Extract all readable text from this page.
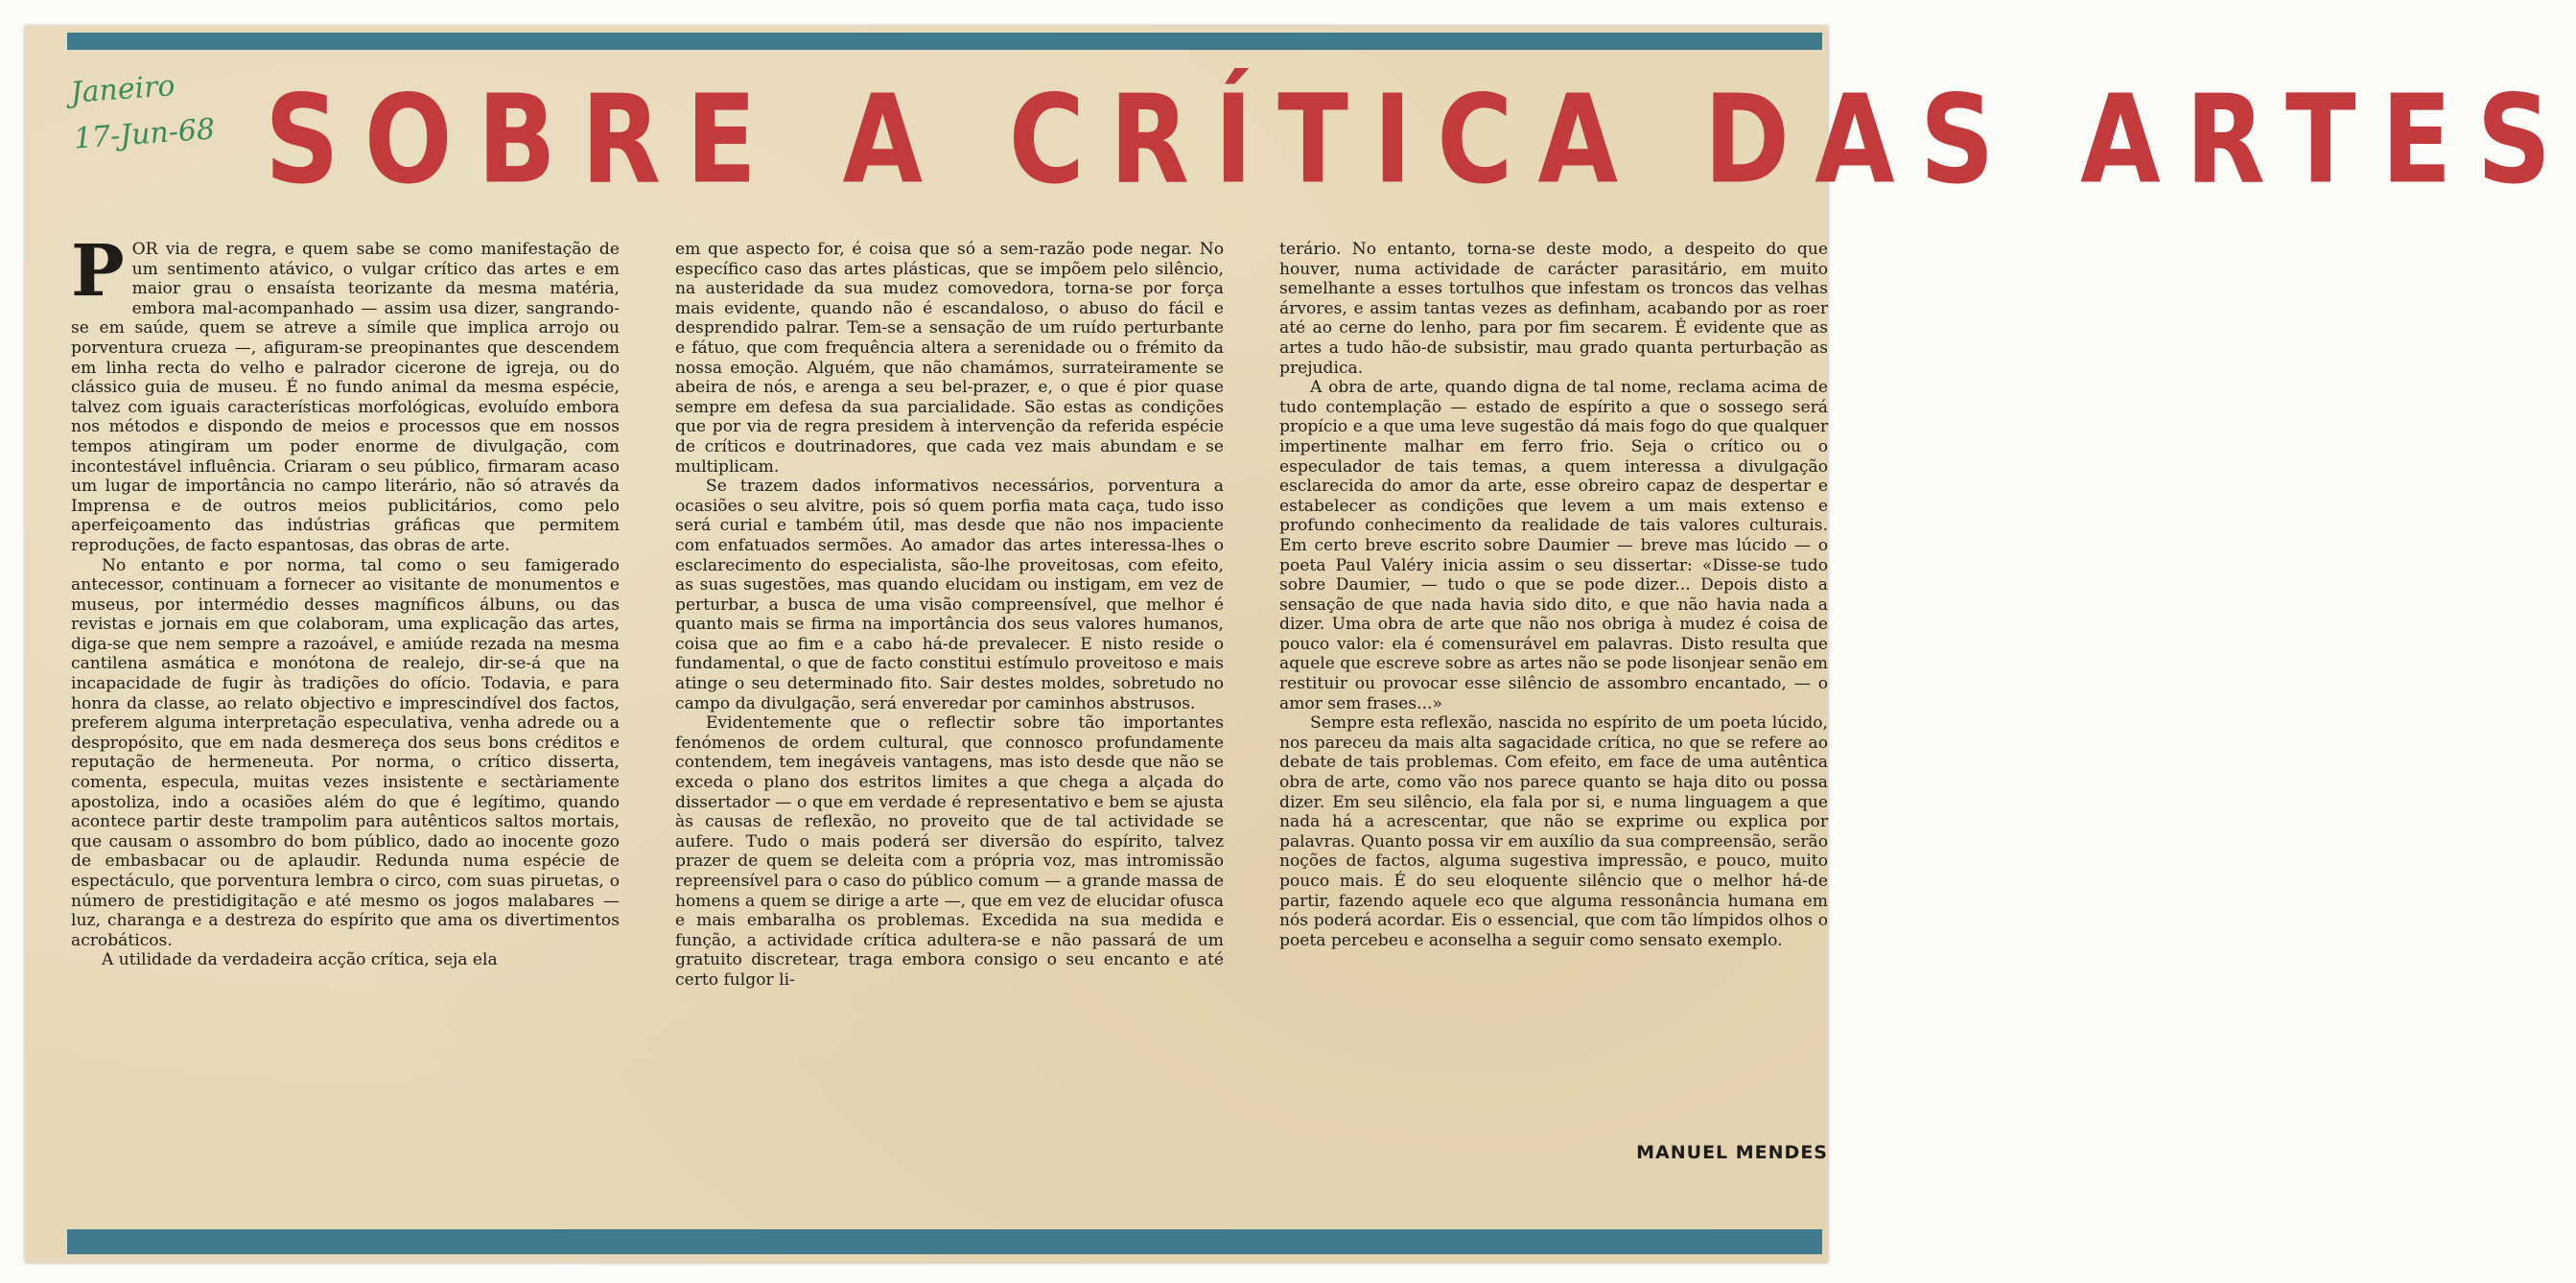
Janeiro
17-Jun-68 SOBRE A CRÍTICA DAS ARTES

POR via de regra, e quem sabe se como manifestação de um sentimento atávico, o vulgar crítico das artes e em maior grau o ensaísta teorizante da mesma matéria, embora mal-acompanhado — assim usa dizer, sangrando-se em saúde, quem se atreve a símile que implica arrojo ou porventura crueza —, afiguram-se preopinantes que descendem em linha recta do velho e palrador cicerone de igreja, ou do clássico guia de museu. É no fundo animal da mesma espécie, talvez com iguais características morfológicas, evoluído embora nos métodos e dispondo de meios e processos que em nossos tempos atingiram um poder enorme de divulgação, com incontestável influência. Criaram o seu público, firmaram acaso um lugar de importância no campo literário, não só através da Imprensa e de outros meios publicitários, como pelo aperfeiçoamento das indústrias gráficas que permitem reproduções, de facto espantosas, das obras de arte.

No entanto e por norma, tal como o seu famigerado antecessor, continuam a fornecer ao visitante de monumentos e museus, por intermédio desses magníficos álbuns, ou das revistas e jornais em que colaboram, uma explicação das artes, diga-se que nem sempre a razoável, e amiúde rezada na mesma cantilena asmática e monótona de realejo, dir-se-á que na incapacidade de fugir às tradições do ofício. Todavia, e para honra da classe, ao relato objectivo e imprescindível dos factos, preferem alguma interpretação especulativa, venha adrede ou a despropósito, que em nada desmereça dos seus bons créditos e reputação de hermeneuta. Por norma, o crítico disserta, comenta, especula, muitas vezes insistente e sectàriamente apostoliza, indo a ocasiões além do que é legítimo, quando acontece partir deste trampolim para autênticos saltos mortais, que causam o assombro do bom público, dado ao inocente gozo de embasbacar ou de aplaudir. Redunda numa espécie de espectáculo, que porventura lembra o circo, com suas piruetas, o número de prestidigitação e até mesmo os jogos malabares — luz, charanga e a destreza do espírito que ama os divertimentos acrobáticos.

A utilidade da verdadeira acção crítica, seja ela

em que aspecto for, é coisa que só a sem-razão pode negar. No específico caso das artes plásticas, que se impõem pelo silêncio, na austeridade da sua mudez comovedora, torna-se por força mais evidente, quando não é escandaloso, o abuso do fácil e desprendido palrar. Tem-se a sensação de um ruído perturbante e fátuo, que com frequência altera a serenidade ou o frémito da nossa emoção. Alguém, que não chamámos, surrateiramente se abeira de nós, e arenga a seu bel-prazer, e, o que é pior quase sempre em defesa da sua parcialidade. São estas as condições que por via de regra presidem à intervenção da referida espécie de críticos e doutrinadores, que cada vez mais abundam e se multiplicam.

Se trazem dados informativos necessários, porventura a ocasiões o seu alvitre, pois só quem porfia mata caça, tudo isso será curial e também útil, mas desde que não nos impaciente com enfatuados sermões. Ao amador das artes interessa-lhes o esclarecimento do especialista, são-lhe proveitosas, com efeito, as suas sugestões, mas quando elucidam ou instigam, em vez de perturbar, a busca de uma visão compreensível, que melhor é quanto mais se firma na importância dos seus valores humanos, coisa que ao fim e a cabo há-de prevalecer. E nisto reside o fundamental, o que de facto constitui estímulo proveitoso e mais atinge o seu determinado fito. Sair destes moldes, sobretudo no campo da divulgação, será enveredar por caminhos abstrusos.

Evidentemente que o reflectir sobre tão importantes fenómenos de ordem cultural, que connosco profundamente contendem, tem inegáveis vantagens, mas isto desde que não se exceda o plano dos estritos limites a que chega a alçada do dissertador — o que em verdade é representativo e bem se ajusta às causas de reflexão, no proveito que de tal actividade se aufere. Tudo o mais poderá ser diversão do espírito, talvez prazer de quem se deleita com a própria voz, mas intromissão repreensível para o caso do público comum — a grande massa de homens a quem se dirige a arte —, que em vez de elucidar ofusca e mais embaralha os problemas. Excedida na sua medida e função, a actividade crítica adultera-se e não passará de um gratuito discretear, traga embora consigo o seu encanto e até certo fulgor li-

terário. No entanto, torna-se deste modo, a despeito do que houver, numa actividade de carácter parasitário, em muito semelhante a esses tortulhos que infestam os troncos das velhas árvores, e assim tantas vezes as definham, acabando por as roer até ao cerne do lenho, para por fim secarem. É evidente que as artes a tudo hão-de subsistir, mau grado quanta perturbação as prejudica.

A obra de arte, quando digna de tal nome, reclama acima de tudo contemplação — estado de espírito a que o sossego será propício e a que uma leve sugestão dá mais fogo do que qualquer impertinente malhar em ferro frio. Seja o crítico ou o especulador de tais temas, a quem interessa a divulgação esclarecida do amor da arte, esse obreiro capaz de despertar e estabelecer as condições que levem a um mais extenso e profundo conhecimento da realidade de tais valores culturais. Em certo breve escrito sobre Daumier — breve mas lúcido — o poeta Paul Valéry inicia assim o seu dissertar: «Disse-se tudo sobre Daumier, — tudo o que se pode dizer... Depois disto a sensação de que nada havia sido dito, e que não havia nada a dizer. Uma obra de arte que não nos obriga à mudez é coisa de pouco valor: ela é comensurável em palavras. Disto resulta que aquele que escreve sobre as artes não se pode lisonjear senão em restituir ou provocar esse silêncio de assombro encantado, — o amor sem frases...»

Sempre esta reflexão, nascida no espírito de um poeta lúcido, nos pareceu da mais alta sagacidade crítica, no que se refere ao debate de tais problemas. Com efeito, em face de uma autêntica obra de arte, como vão nos parece quanto se haja dito ou possa dizer. Em seu silêncio, ela fala por si, e numa linguagem a que nada há a acrescentar, que não se exprime ou explica por palavras. Quanto possa vir em auxílio da sua compreensão, serão noções de factos, alguma sugestiva impressão, e pouco, muito pouco mais. É do seu eloquente silêncio que o melhor há-de partir, fazendo aquele eco que alguma ressonância humana em nós poderá acordar. Eis o essencial, que com tão límpidos olhos o poeta percebeu e aconselha a seguir como sensato exemplo.

MANUEL MENDES
